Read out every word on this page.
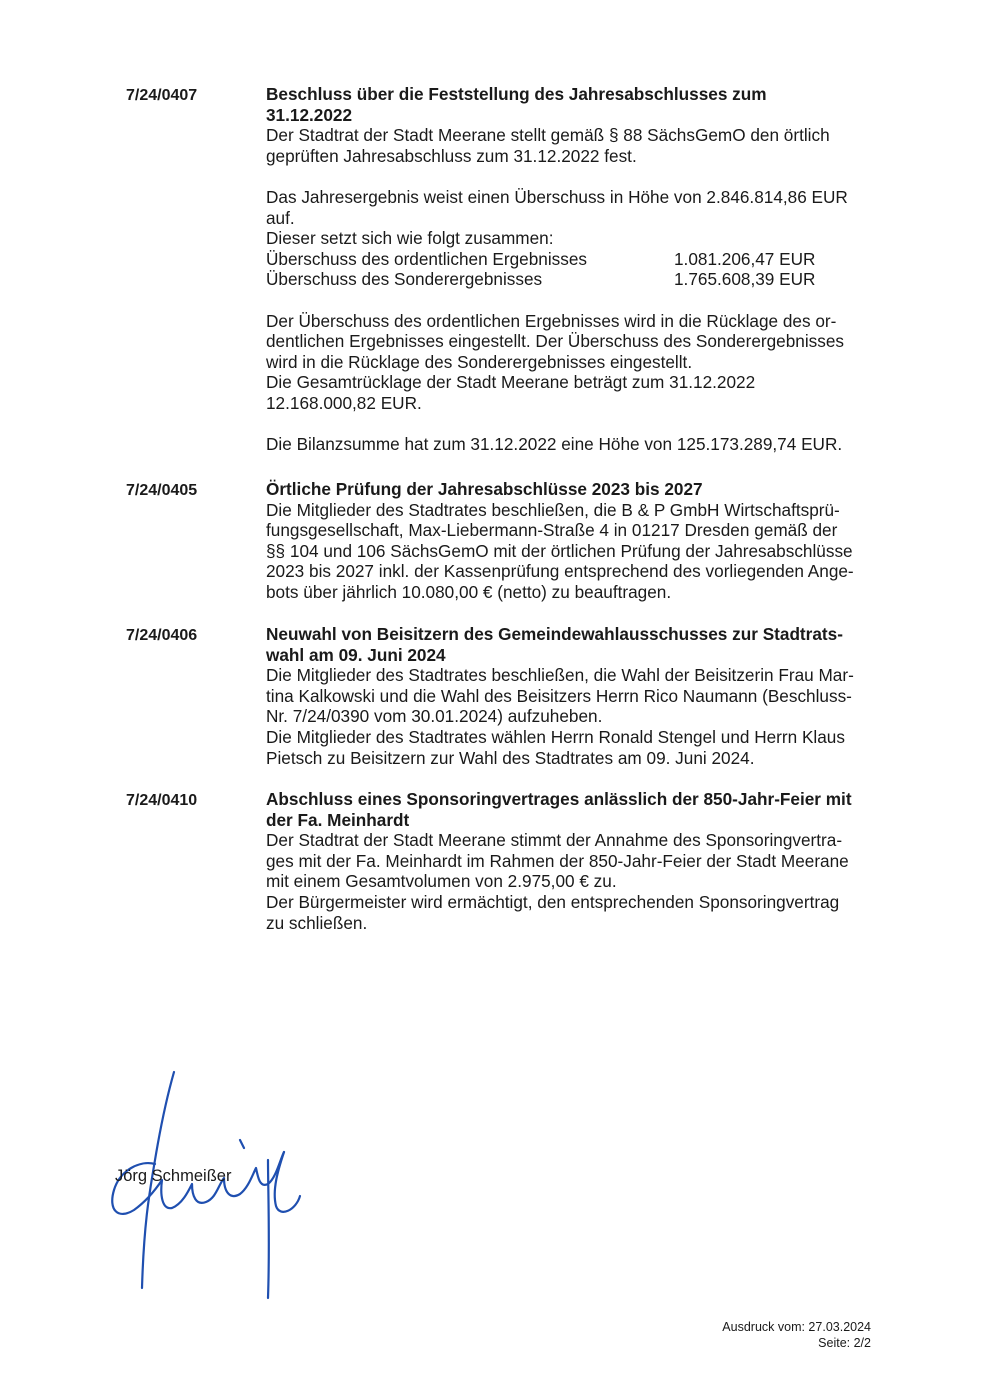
7/24/0407	Beschluss über die Feststellung des Jahresabschlusses zum
31.12.2022
Der Stadtrat der Stadt Meerane stellt gemäß § 88 SächsGemO den örtlich
geprüften Jahresabschluss zum 31.12.2022 fest.
Das Jahresergebnis weist einen Überschuss in Höhe von 2.846.814,86 EUR
auf.
Dieser setzt sich wie folgt zusammen:
Überschuss des ordentlichen Ergebnisses	1.081.206,47 EUR
Überschuss des Sonderergebnisses	1.765.608,39 EUR
Der Überschuss des ordentlichen Ergebnisses wird in die Rücklage des or-
dentlichen Ergebnisses eingestellt. Der Überschuss des Sonderergebnisses
wird in die Rücklage des Sonderergebnisses eingestellt.
Die Gesamtrücklage der Stadt Meerane beträgt zum 31.12.2022
12.168.000,82 EUR.
Die Bilanzsumme hat zum 31.12.2022 eine Höhe von 125.173.289,74 EUR.
7/24/0405	Örtliche Prüfung der Jahresabschlüsse 2023 bis 2027
Die Mitglieder des Stadtrates beschließen, die B & P GmbH Wirtschaftsprü-
fungsgesellschaft, Max-Liebermann-Straße 4 in 01217 Dresden gemäß der
§§ 104 und 106 SächsGemO mit der örtlichen Prüfung der Jahresabschlüsse
2023 bis 2027 inkl. der Kassenprüfung entsprechend des vorliegenden Ange-
bots über jährlich 10.080,00 € (netto) zu beauftragen.
7/24/0406	Neuwahl von Beisitzern des Gemeindewahlausschusses zur Stadtrats-
wahl am 09. Juni 2024
Die Mitglieder des Stadtrates beschließen, die Wahl der Beisitzerin Frau Mar-
tina Kalkowski und die Wahl des Beisitzers Herrn Rico Naumann (Beschluss-
Nr. 7/24/0390 vom 30.01.2024) aufzuheben.
Die Mitglieder des Stadtrates wählen Herrn Ronald Stengel und Herrn Klaus
Pietsch zu Beisitzern zur Wahl des Stadtrates am 09. Juni 2024.
7/24/0410	Abschluss eines Sponsoringvertrages anlässlich der 850-Jahr-Feier mit
der Fa. Meinhardt
Der Stadtrat der Stadt Meerane stimmt der Annahme des Sponsoringvertra-
ges mit der Fa. Meinhardt im Rahmen der 850-Jahr-Feier der Stadt Meerane
mit einem Gesamtvolumen von 2.975,00 € zu.
Der Bürgermeister wird ermächtigt, den entsprechenden Sponsoringvertrag
zu schließen.
Jörg Schmeißer
Ausdruck vom: 27.03.2024
Seite: 2/2
